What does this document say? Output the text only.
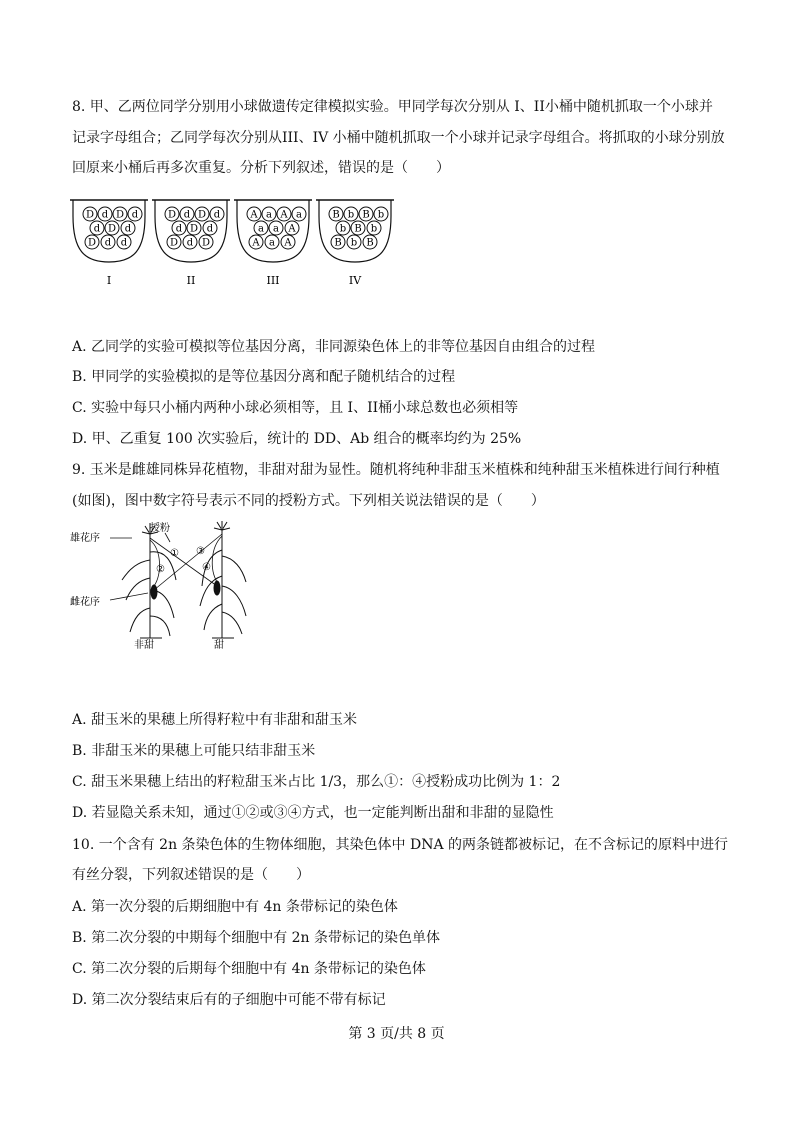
8. 甲、乙两位同学分别用小球做遗传定律模拟实验。甲同学每次分别从 I、II小桶中随机抓取一个小球并
记录字母组合；乙同学每次分别从III、IV 小桶中随机抓取一个小球并记录字母组合。将抓取的小球分别放
回原来小桶后再多次重复。分析下列叙述，错误的是（　　）
D d D d
d D d
D d d
I
D d D d
d D d
D d D
II
A a A a
a a A
A a A
III
B b B b
b B b
B b B
IV
A. 乙同学的实验可模拟等位基因分离，非同源染色体上的非等位基因自由组合的过程
B. 甲同学的实验模拟的是等位基因分离和配子随机结合的过程
C. 实验中每只小桶内两种小球必须相等，且 I、II桶小球总数也必须相等
D. 甲、乙重复 100 次实验后，统计的 DD、Ab 组合的概率均约为 25%
9. 玉米是雌雄同株异花植物，非甜对甜为显性。随机将纯种非甜玉米植株和纯种甜玉米植株进行间行种植
(如图)，图中数字符号表示不同的授粉方式。下列相关说法错误的是（　　）
雄花序
授粉
雌花序
非甜	甜
①
②
③
④
A. 甜玉米的果穗上所得籽粒中有非甜和甜玉米
B. 非甜玉米的果穗上可能只结非甜玉米
C. 甜玉米果穗上结出的籽粒甜玉米占比 1/3，那么①：④授粉成功比例为 1：2
D. 若显隐关系未知，通过①②或③④方式，也一定能判断出甜和非甜的显隐性
10. 一个含有 2n 条染色体的生物体细胞，其染色体中 DNA 的两条链都被标记，在不含标记的原料中进行
有丝分裂，下列叙述错误的是（　　）
A. 第一次分裂的后期细胞中有 4n 条带标记的染色体
B. 第二次分裂的中期每个细胞中有 2n 条带标记的染色单体
C. 第二次分裂的后期每个细胞中有 4n 条带标记的染色体
D. 第二次分裂结束后有的子细胞中可能不带有标记
第 3 页/共 8 页
